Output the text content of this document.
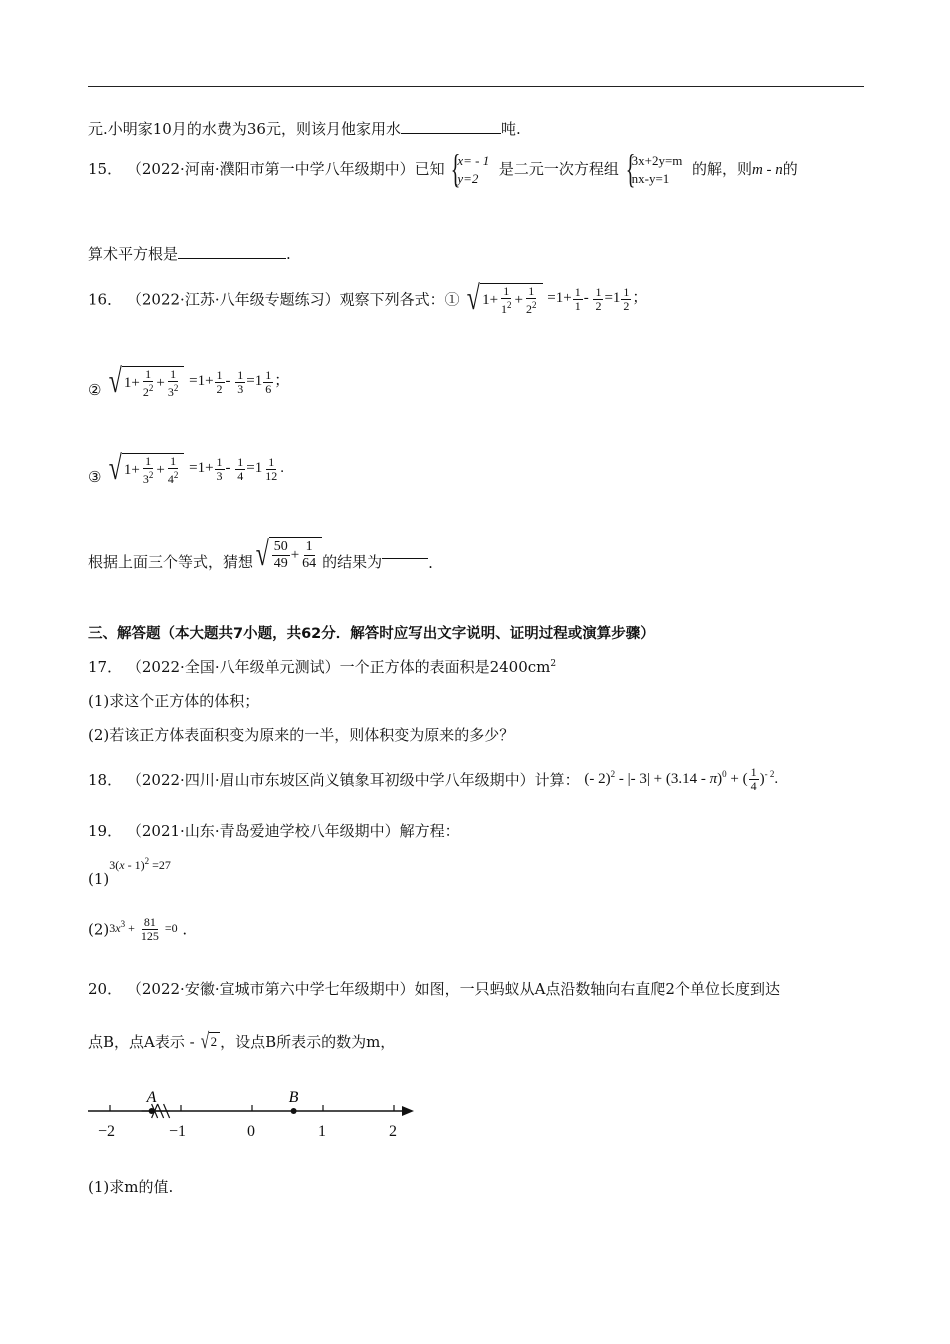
元.小明家10月的水费为36元，则该月他家用水	吨.
15． （2022·河南·濮阳市第一中学八年级期中）已知 { x= - 1
y=2
是二元一次方程组 { 3x+2y=m
nx-y=1
的解，则m - n的
算术平方根是	.
16． （2022·江苏·八年级专题练习）观察下列各式：① √ $1+ \frac{1}{1^2} + \frac{1}{2^2} =1+ \frac{1}{1} - \frac{1}{2} =1 \frac{1}{2}$ ；
② √ $1+ \frac{1}{2^2} + \frac{1}{3^2} =1+ \frac{1}{2} - \frac{1}{3} =1 \frac{1}{6}$ ；
③ √ $1+ \frac{1}{3^2} + \frac{1}{4^2} =1+ \frac{1}{3} - \frac{1}{4} =1 \frac{1}{12}$ .
根据上面三个等式，猜想 √ $\frac{50}{49} + \frac{1}{64}$ 的结果为	.
三、解答题（本大题共7小题，共62分．解答时应写出文字说明、证明过程或演算步骤）
17． （2022·全国·八年级单元测试）一个正方体的表面积是$2400cm^2$
(1)求这个正方体的体积；
(2)若该正方体表面积变为原来的一半，则体积变为原来的多少？
18． （2022·四川·眉山市东坡区尚义镇象耳初级中学八年级期中）计算： (- 2)$^2$ - |- 3| + (3.14 - π)$^0$ + ( $\frac{1}{4} )^{- 2}$.
19． （2021·山东·青岛爱迪学校八年级期中）解方程：
$(1)^{3(x - 1)^2 =27}$
$(2)3x^3 + \frac{81}{125} =0$ .
20． （2022·安徽·宣城市第六中学七年级期中）如图，一只蚂蚁从A点沿数轴向右直爬2个单位长度到达
点B，点A表示 - √ 2 ，设点B所表示的数为m，
−2	−1	0	1	2
A	B
(1)求m的值.
